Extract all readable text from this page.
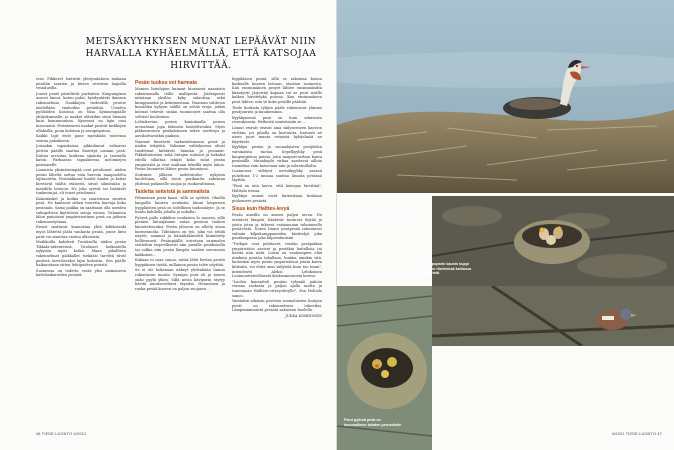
METSÄKYYHKYSEN MUNAT LEPÄÄVÄT NIIN HARVALLA KYHÄELMÄLLÄ, ETTÄ KATSOJAA HIRVITTÄÄ.

teas. Pikkuvet lentävät yhteysaluksen mukana pesälän saarien ja kivien reviirina laajoilla vesialueilla.

Jouset pesät pärädävät parhaiten. Kaupunginsa asuvat linnut, kuten pulut, hyödyntävät ihmisen rakennelmia. Naakkojen tiederällä pesivie mielellään vanhoihin pesiöihin. Useiden pyöliöiden koloissa on tilaa Kymmenpäälle yhdyskunnalle, ja naakat elävätkin siinä hieman kuin kommuunissa. Kyseessä on lajin uusi innovaatio. Perinteisesti naakat pesivät kirkkojen ullakoilla, puun koloissa ja savupiipuissa.

Kaikki lajit eivät pane myöskään toistensa seuraa pahakseen.

Joissakin tapauksissa pikkulinnut valtaavat pörtön pääille saattaa ilmestyä uusiam pesä. Kuttaa arvostaa korkeaa sijaintia ja taustalla katon. Parhaassa tapauksessa melomiejen pesimiselle.

Linnuista yksinäisempää ovat petolinnut, niiden pesän läheltä sattuu vain harvoin maapuolelta lajituoreita. Pesimälinnat huolet haalat ja kotiat kiertävät täältä etäisesti, siivat silmissään ja matalilla lentoon. Ne joko syövät tai häätävät tunkeutujat, eli toiset petolinnut.

Kalasääsket ja kotkia on saaristossa suurien pesä. Ne kantavat siihen tuoretta harvoja koko pesinnän. Sama paikka on saattanut olla useiden sukupolvien kiyttöössä satoja vuosia. Tuhannen kilon painoisen ympärivuotinen pesä on jatkuva rakennustyömaa.

Ermet saattavat kunnostaa yhtä kilitkoseski myös lähtettä jäätä vanhasta pesää, jonne lintu parit voi muuttaa vastuu ulkoisista.

Muikkoilla kahdesti Turuksella niiden pesän Tikkala-rakenteissä. Virolaiset hoikautella nykyisin myös kotkä. Maan pihallisen rakennelmat paikkallet tsekääsi tarvittä tävät perästä tarvittavaksi lajin kokoista. Sen päälle haikaroitaan sitten lehtipuitten pesistä.

Suomessa on todettu vasta yksi ominaiseen kattohaikaroiden pesintä.

Pesän tuoksu voi harmata

Monien lintulajien kuinaat kiusaavat naaraista rakentamalla töille mallipesiä. Joidenpesät mitataan yksilön kyky sulauttaa sekä kumppaneita ja kokemustaan. Naaraan valitessa koiraiden kyhyen välillä on selviä eroja: jotkin koiraat tekevät sisään tuomioneet saattaa olla selvästi huolestain.

Lehtokertun pesien kuninkaalla pesien arvioidaan jopa luksusta haisteltavaksi. Myös pikkuvaronen peukaloinnen tekee useitteya ja aavikoittavatkin paikoin.

Naaraat kiertävät tarkastelemassa pesiä ja niiden tekijöitä. Valinnan valituksessa olivat tuodelmat kiihtävät hännän ja pesinnät. Pikkulintuisten sekä lintujen nidonut ja hakaksi edellä sillattaa tekijät koko sulut pesän ympäristöä ja ovat osaltaan tekeillä myös lahon. Pesän luonnetta lähtee pesan huomioon.

Soittmen jälkeen sadettutulee nykyisin kuolettaan, sillä tuore parikautta rakentaa yhdessä poikaselle suojaa ja ruokavaltionsa.

Taidetta seiteistä ja sammalista

Pehmoinen pieni kaasi, sillä se syöttää. Ohuilla langoilla kuusen neulasiin kiinni kiepuvien hyppläisten pesä on todellinen taidonnäyte. Ja se huntu kahdella jaloilla ja nokalla!

Pyöreä pallo rokkikus neulasien lo masssa, sillä pienien lintuajäinme antaa pesässä tuulien keinutettavaksi. Pesän ylösuon on alletty aivan kurmennolta. Tähtäinen on työ, joka voi tehdä näytöt, sammal ja hämähäkinseitti kiinnitetty hellävarasti. Pesänpäällä toivotaan sammalen seitteihin tarpeellisesti niin pienille pesäkoisilla tai sulkia niin pesän lämpöä vaalien seuraavan kakkonen...

Kukaan ei osaa sanoa, mistä lähti kertaa pesivä hyppiäinen tietää, millainen pesän tulee näyttää.

Se ei ole kokenaan näkeyt yhdenkään linnun rakentavan muuta. Synnyin pesä eli ja toinen onko pyylä yksin. Sillä nesta kävipurin täytyy hävitä nuorisoveltavä täysiksi. Hennoinen ja ruoka pesää kuoren on paljon suojaava ...

hippiläisen pesää, sillä se rakentaa koissa korkealle kuusen latvaan, otaiston suomesta. Kun ensimmäinen pesyet lähtee ensimmäisiltä kääntyvät järjestää kapuan tai se pesii sisälle kaiken hirvitelykä puussa. Kun ensimmäinen pesä lähtee, niin se koko pesiille päättää.

Tiede koskista tyhjiin pääle rakentavat ylimme pesäjuurien ja kuumemmin.

Kyyhkyniesiä pesä on kuin sekavasta risuvakuosta. Hetkestä onnistuisiin se ...

Linnut etsivät etsivät aina säilyneeseen kasvien virttäin, jos pihalla on kuivuutta, harvasti ne usein juuri muuta erityistä kyhäelmää ne käyttävät.

Kyyhkyn pesien ja suomalaisten pesijöiden varsinaista tuotaa. Sepelkyyhky pesii kaupungeissa puissa, joita naapuri-tarhan kunta pesimälle. Munakuplu virkaa saattavat silloin tuomittaa vain katsotaan niin ja soluntuilloilta.

Luonnossa viihtyvä metsäkyyhky saarnii puhelinsa 1-2 munaa saattaa linnuta pesänsä täyttää.

"Pesä on niin harva, että katsojaa hirvittää", Holttala toteaa.

Kyyhkyn munat eivät kuitenkaan koskaan pudonneet pesästä.

Sisus kuin Halttes-levyä

Pesän aineilla on aineen paljon arvoa. Ne eristävät lämpöä, häätävät tuntuvat löytää ja joista joten ja tukevat vastaamaan tuhonneelle pesiävästä. Noiwe linnut pesäpesää rakentavat valmiin kilpakumppaneiden käsittelyä joka pesäkaupasta joka kilpavalmiisiin

"Tutkijat ovat pohtineet, voisiko pesäpaikan ympäristöön aseivat ja pesiäkin haitallisia tai hävitä niin niitä. Loisia on vanhempien elää niinkuin pesään tahallaan, kuinka ainakin sitä, kuitenkin myös pesän ympäristössä jotain kuten kitiisiitä, voi ehtiä aina säilyttää kuin tuo hmm", intendentti Aleksi Lehikoinen Luonnontieteellisestä keskusmuseosta kertoo.

"Luulen kannatteli pesään ryhmää pahoin voimaa raskasta ja paljon ajalla mutta ja tuntemaan Hallters-erteryolevylle", Esa Holtsila sanoo.

Varsinkin aikaisin pesivien suomalaisten lintujen pesät on rakennettava tukeviksi. Lämpimämmästä pesästä sakuseen huolella.

JUKKA KORHONEN

Silkkiuikut rakentavat lautan kasvinosista ja ankkuroivat sen kiinni pohjan vesikasveihin.
Peippoparin kaunis kuppi kulkee tiheimissä kalliossa viitteistä.
Pieni pyöreä pesä on kummallinen kahden perusväriin
46 TIEDE LUONTO 4/2021	4/2021 TIEDE LUONTO 47
